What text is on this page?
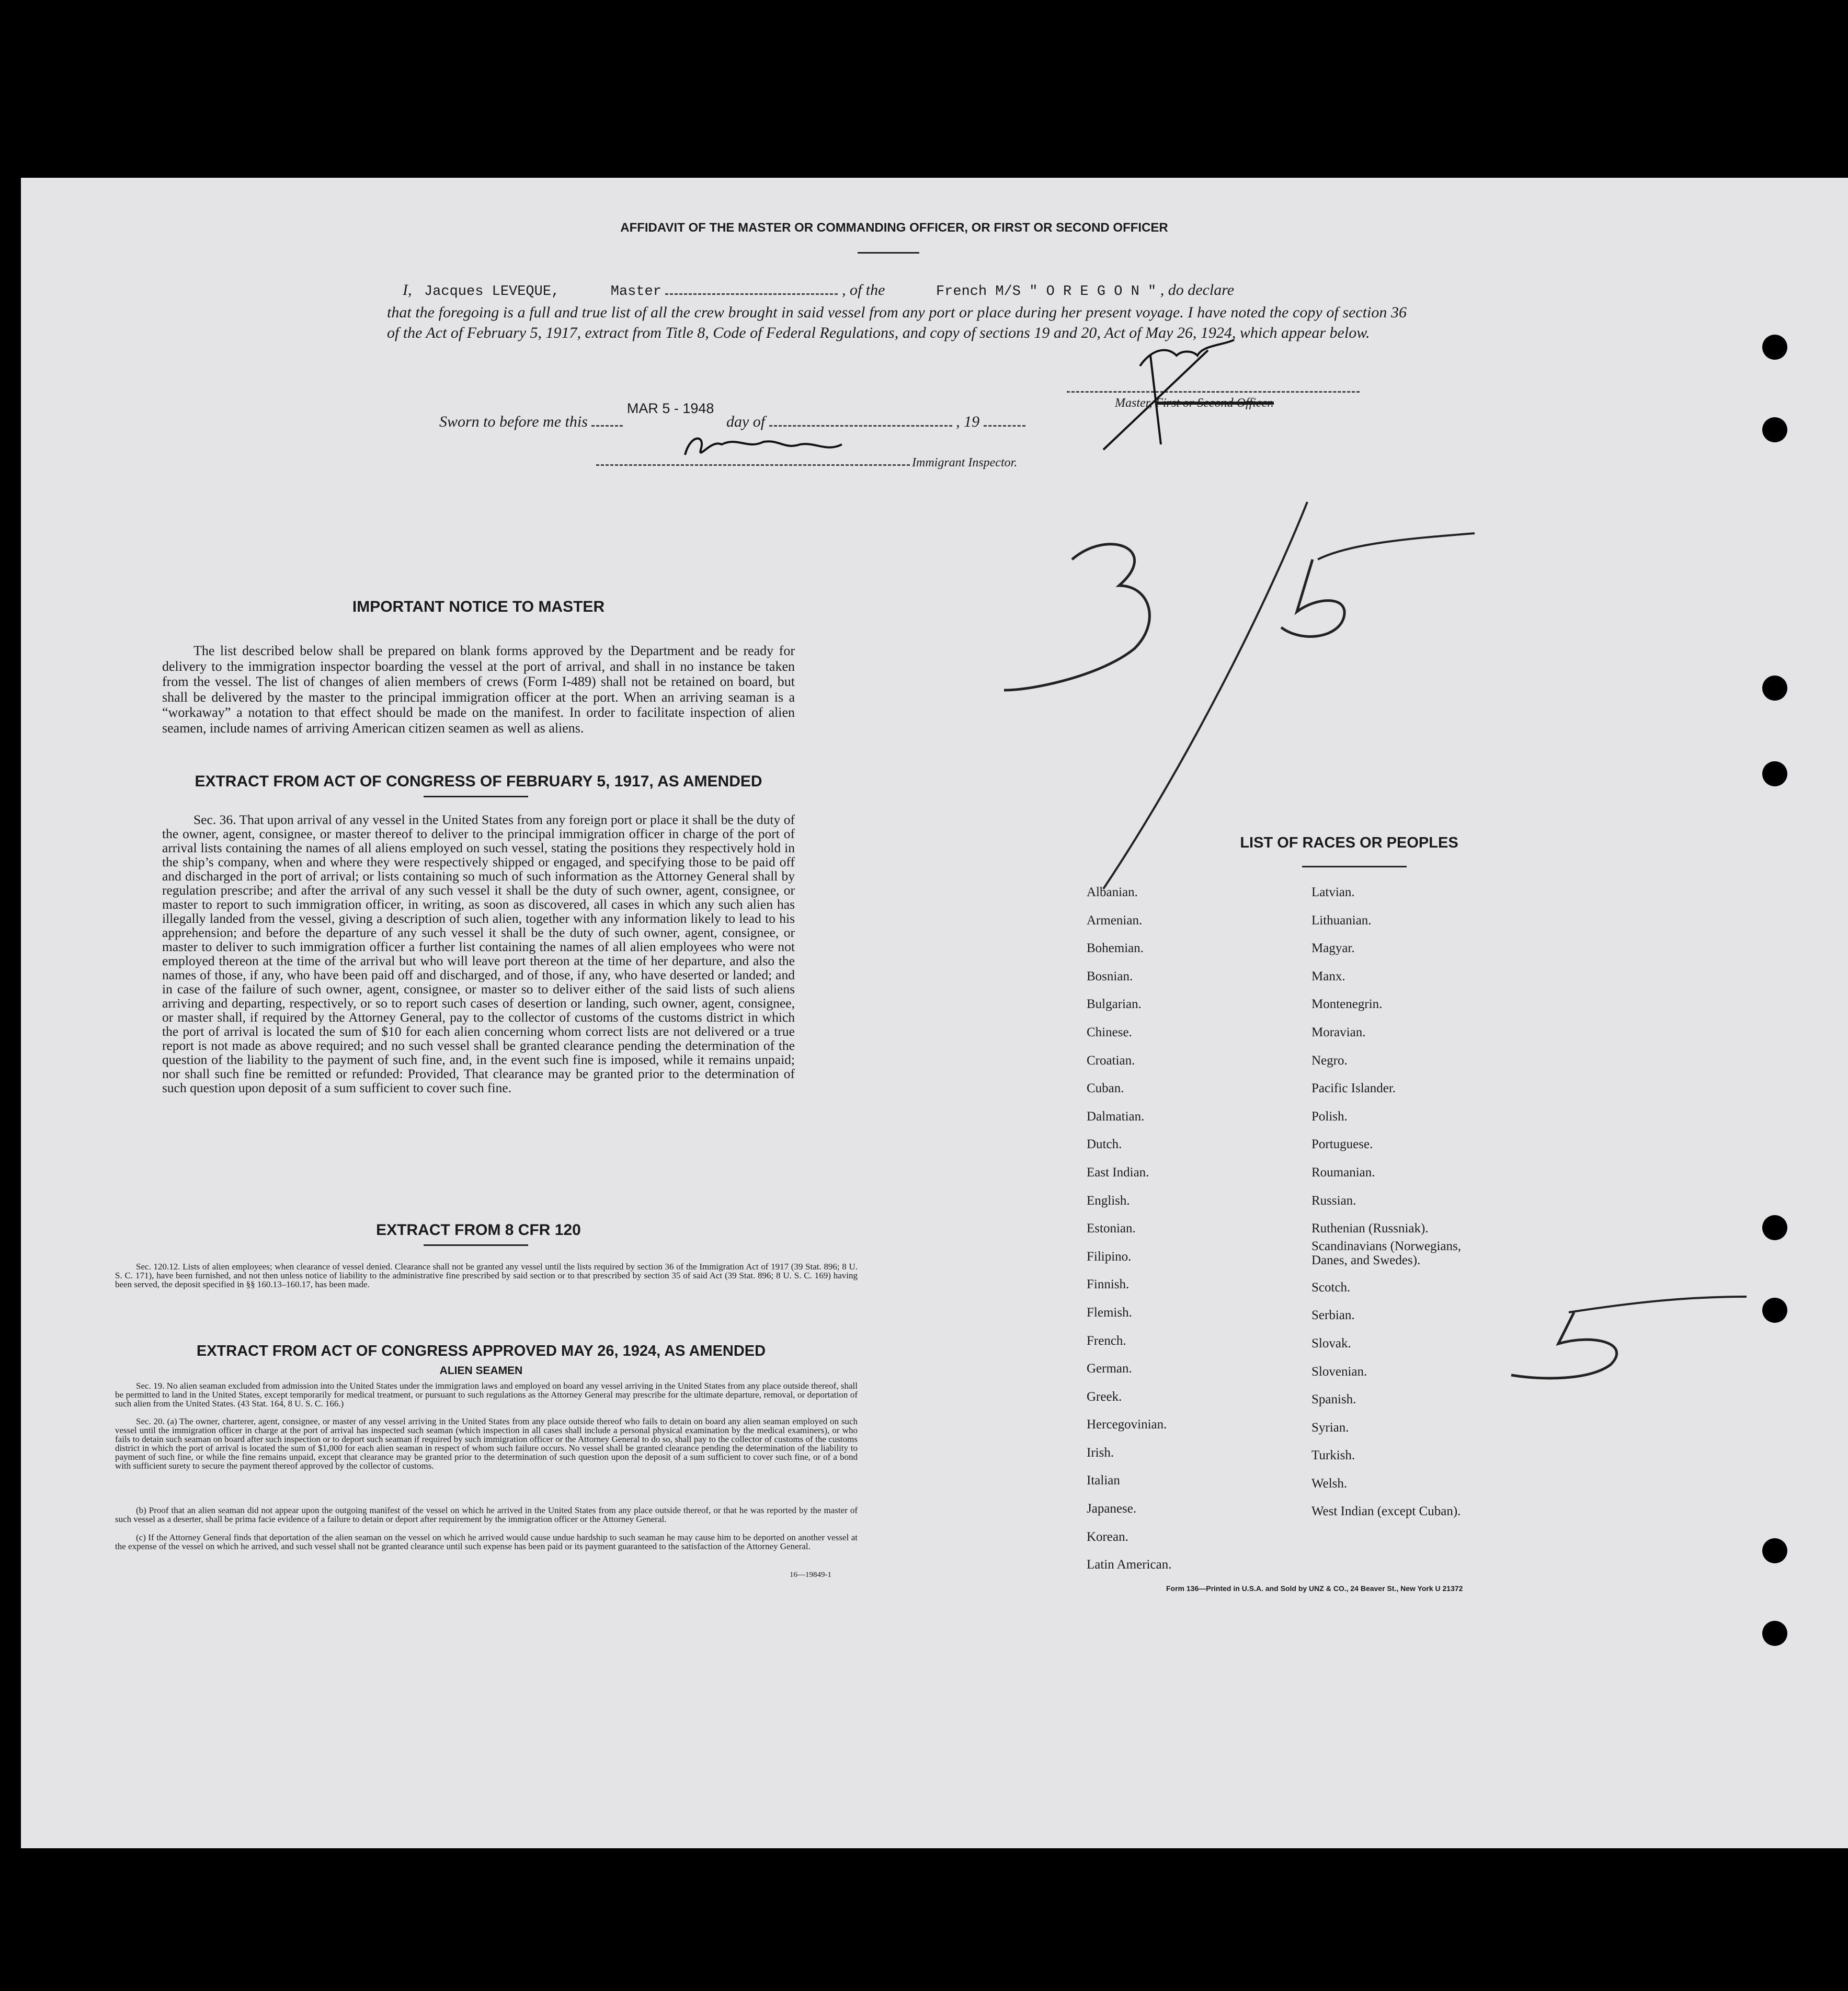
AFFIDAVIT OF THE MASTER OR COMMANDING OFFICER, OR FIRST OR SECOND OFFICER
I, Jacques LEVEQUE,	Master	, of the	French M/S " O R E G O N " , do declare
that the foregoing is a full and true list of all the crew brought in said vessel from any port or place during her present voyage. I have noted the copy of section 36 of the Act of February 5, 1917, extract from Title 8, Code of Federal Regulations, and copy of sections 19 and 20, Act of May 26, 1924, which appear below.
Master, First or Second Officer.
Sworn to before me this  MAR 5 - 1948 day of	, 19
Immigrant Inspector.
IMPORTANT NOTICE TO MASTER
The list described below shall be prepared on blank forms approved by the Department and be ready for delivery to the immigration inspector boarding the vessel at the port of arrival, and shall in no instance be taken from the vessel. The list of changes of alien members of crews (Form I-489) shall not be retained on board, but shall be delivered by the master to the principal immigration officer at the port. When an arriving seaman is a “workaway” a notation to that effect should be made on the manifest. In order to facilitate inspection of alien seamen, include names of arriving American citizen seamen as well as aliens.
EXTRACT FROM ACT OF CONGRESS OF FEBRUARY 5, 1917, AS AMENDED
Sec. 36. That upon arrival of any vessel in the United States from any foreign port or place it shall be the duty of the owner, agent, consignee, or master thereof to deliver to the principal immigration officer in charge of the port of arrival lists containing the names of all aliens employed on such vessel, stating the positions they respectively hold in the ship’s company, when and where they were respectively shipped or engaged, and specifying those to be paid off and discharged in the port of arrival; or lists containing so much of such information as the Attorney General shall by regulation prescribe; and after the arrival of any such vessel it shall be the duty of such owner, agent, consignee, or master to report to such immigration officer, in writing, as soon as discovered, all cases in which any such alien has illegally landed from the vessel, giving a description of such alien, together with any information likely to lead to his apprehension; and before the departure of any such vessel it shall be the duty of such owner, agent, consignee, or master to deliver to such immigration officer a further list containing the names of all alien employees who were not employed thereon at the time of the arrival but who will leave port thereon at the time of her departure, and also the names of those, if any, who have been paid off and discharged, and of those, if any, who have deserted or landed; and in case of the failure of such owner, agent, consignee, or master so to deliver either of the said lists of such aliens arriving and departing, respectively, or so to report such cases of desertion or landing, such owner, agent, consignee, or master shall, if required by the Attorney General, pay to the collector of customs of the customs district in which the port of arrival is located the sum of $10 for each alien concerning whom correct lists are not delivered or a true report is not made as above required; and no such vessel shall be granted clearance pending the determination of the question of the liability to the payment of such fine, and, in the event such fine is imposed, while it remains unpaid; nor shall such fine be remitted or refunded: Provided, That clearance may be granted prior to the determination of such question upon deposit of a sum sufficient to cover such fine.
EXTRACT FROM 8 CFR 120
Sec. 120.12. Lists of alien employees; when clearance of vessel denied. Clearance shall not be granted any vessel until the lists required by section 36 of the Immigration Act of 1917 (39 Stat. 896; 8 U. S. C. 171), have been furnished, and not then unless notice of liability to the administrative fine prescribed by said section or to that prescribed by section 35 of said Act (39 Stat. 896; 8 U. S. C. 169) having been served, the deposit specified in §§ 160.13–160.17, has been made.
EXTRACT FROM ACT OF CONGRESS APPROVED MAY 26, 1924, AS AMENDED
ALIEN SEAMEN
Sec. 19. No alien seaman excluded from admission into the United States under the immigration laws and employed on board any vessel arriving in the United States from any place outside thereof, shall be permitted to land in the United States, except temporarily for medical treatment, or pursuant to such regulations as the Attorney General may prescribe for the ultimate departure, removal, or deportation of such alien from the United States. (43 Stat. 164, 8 U. S. C. 166.)
Sec. 20. (a) The owner, charterer, agent, consignee, or master of any vessel arriving in the United States from any place outside thereof who fails to detain on board any alien seaman employed on such vessel until the immigration officer in charge at the port of arrival has inspected such seaman (which inspection in all cases shall include a personal physical examination by the medical examiners), or who fails to detain such seaman on board after such inspection or to deport such seaman if required by such immigration officer or the Attorney General to do so, shall pay to the collector of customs of the customs district in which the port of arrival is located the sum of $1,000 for each alien seaman in respect of whom such failure occurs. No vessel shall be granted clearance pending the determination of the liability to payment of such fine, or while the fine remains unpaid, except that clearance may be granted prior to the determination of such question upon the deposit of a sum sufficient to cover such fine, or of a bond with sufficient surety to secure the payment thereof approved by the collector of customs.
(b) Proof that an alien seaman did not appear upon the outgoing manifest of the vessel on which he arrived in the United States from any place outside thereof, or that he was reported by the master of such vessel as a deserter, shall be prima facie evidence of a failure to detain or deport after requirement by the immigration officer or the Attorney General.
(c) If the Attorney General finds that deportation of the alien seaman on the vessel on which he arrived would cause undue hardship to such seaman he may cause him to be deported on another vessel at the expense of the vessel on which he arrived, and such vessel shall not be granted clearance until such expense has been paid or its payment guaranteed to the satisfaction of the Attorney General.
16—19849-1
LIST OF RACES OR PEOPLES
Albanian.
Armenian.
Bohemian.
Bosnian.
Bulgarian.
Chinese.
Croatian.
Cuban.
Dalmatian.
Dutch.
East Indian.
English.
Estonian.
Filipino.
Finnish.
Flemish.
French.
German.
Greek.
Hercegovinian.
Irish.
Italian
Japanese.
Korean.
Latin American.
Latvian.
Lithuanian.
Magyar.
Manx.
Montenegrin.
Moravian.
Negro.
Pacific Islander.
Polish.
Portuguese.
Roumanian.
Russian.
Ruthenian (Russniak).
Scandinavians (Norwegians,
Danes, and Swedes).
Scotch.
Serbian.
Slovak.
Slovenian.
Spanish.
Syrian.
Turkish.
Welsh.
West Indian (except Cuban).
Form 136—Printed in U.S.A. and Sold by UNZ & CO., 24 Beaver St., New York U 21372
